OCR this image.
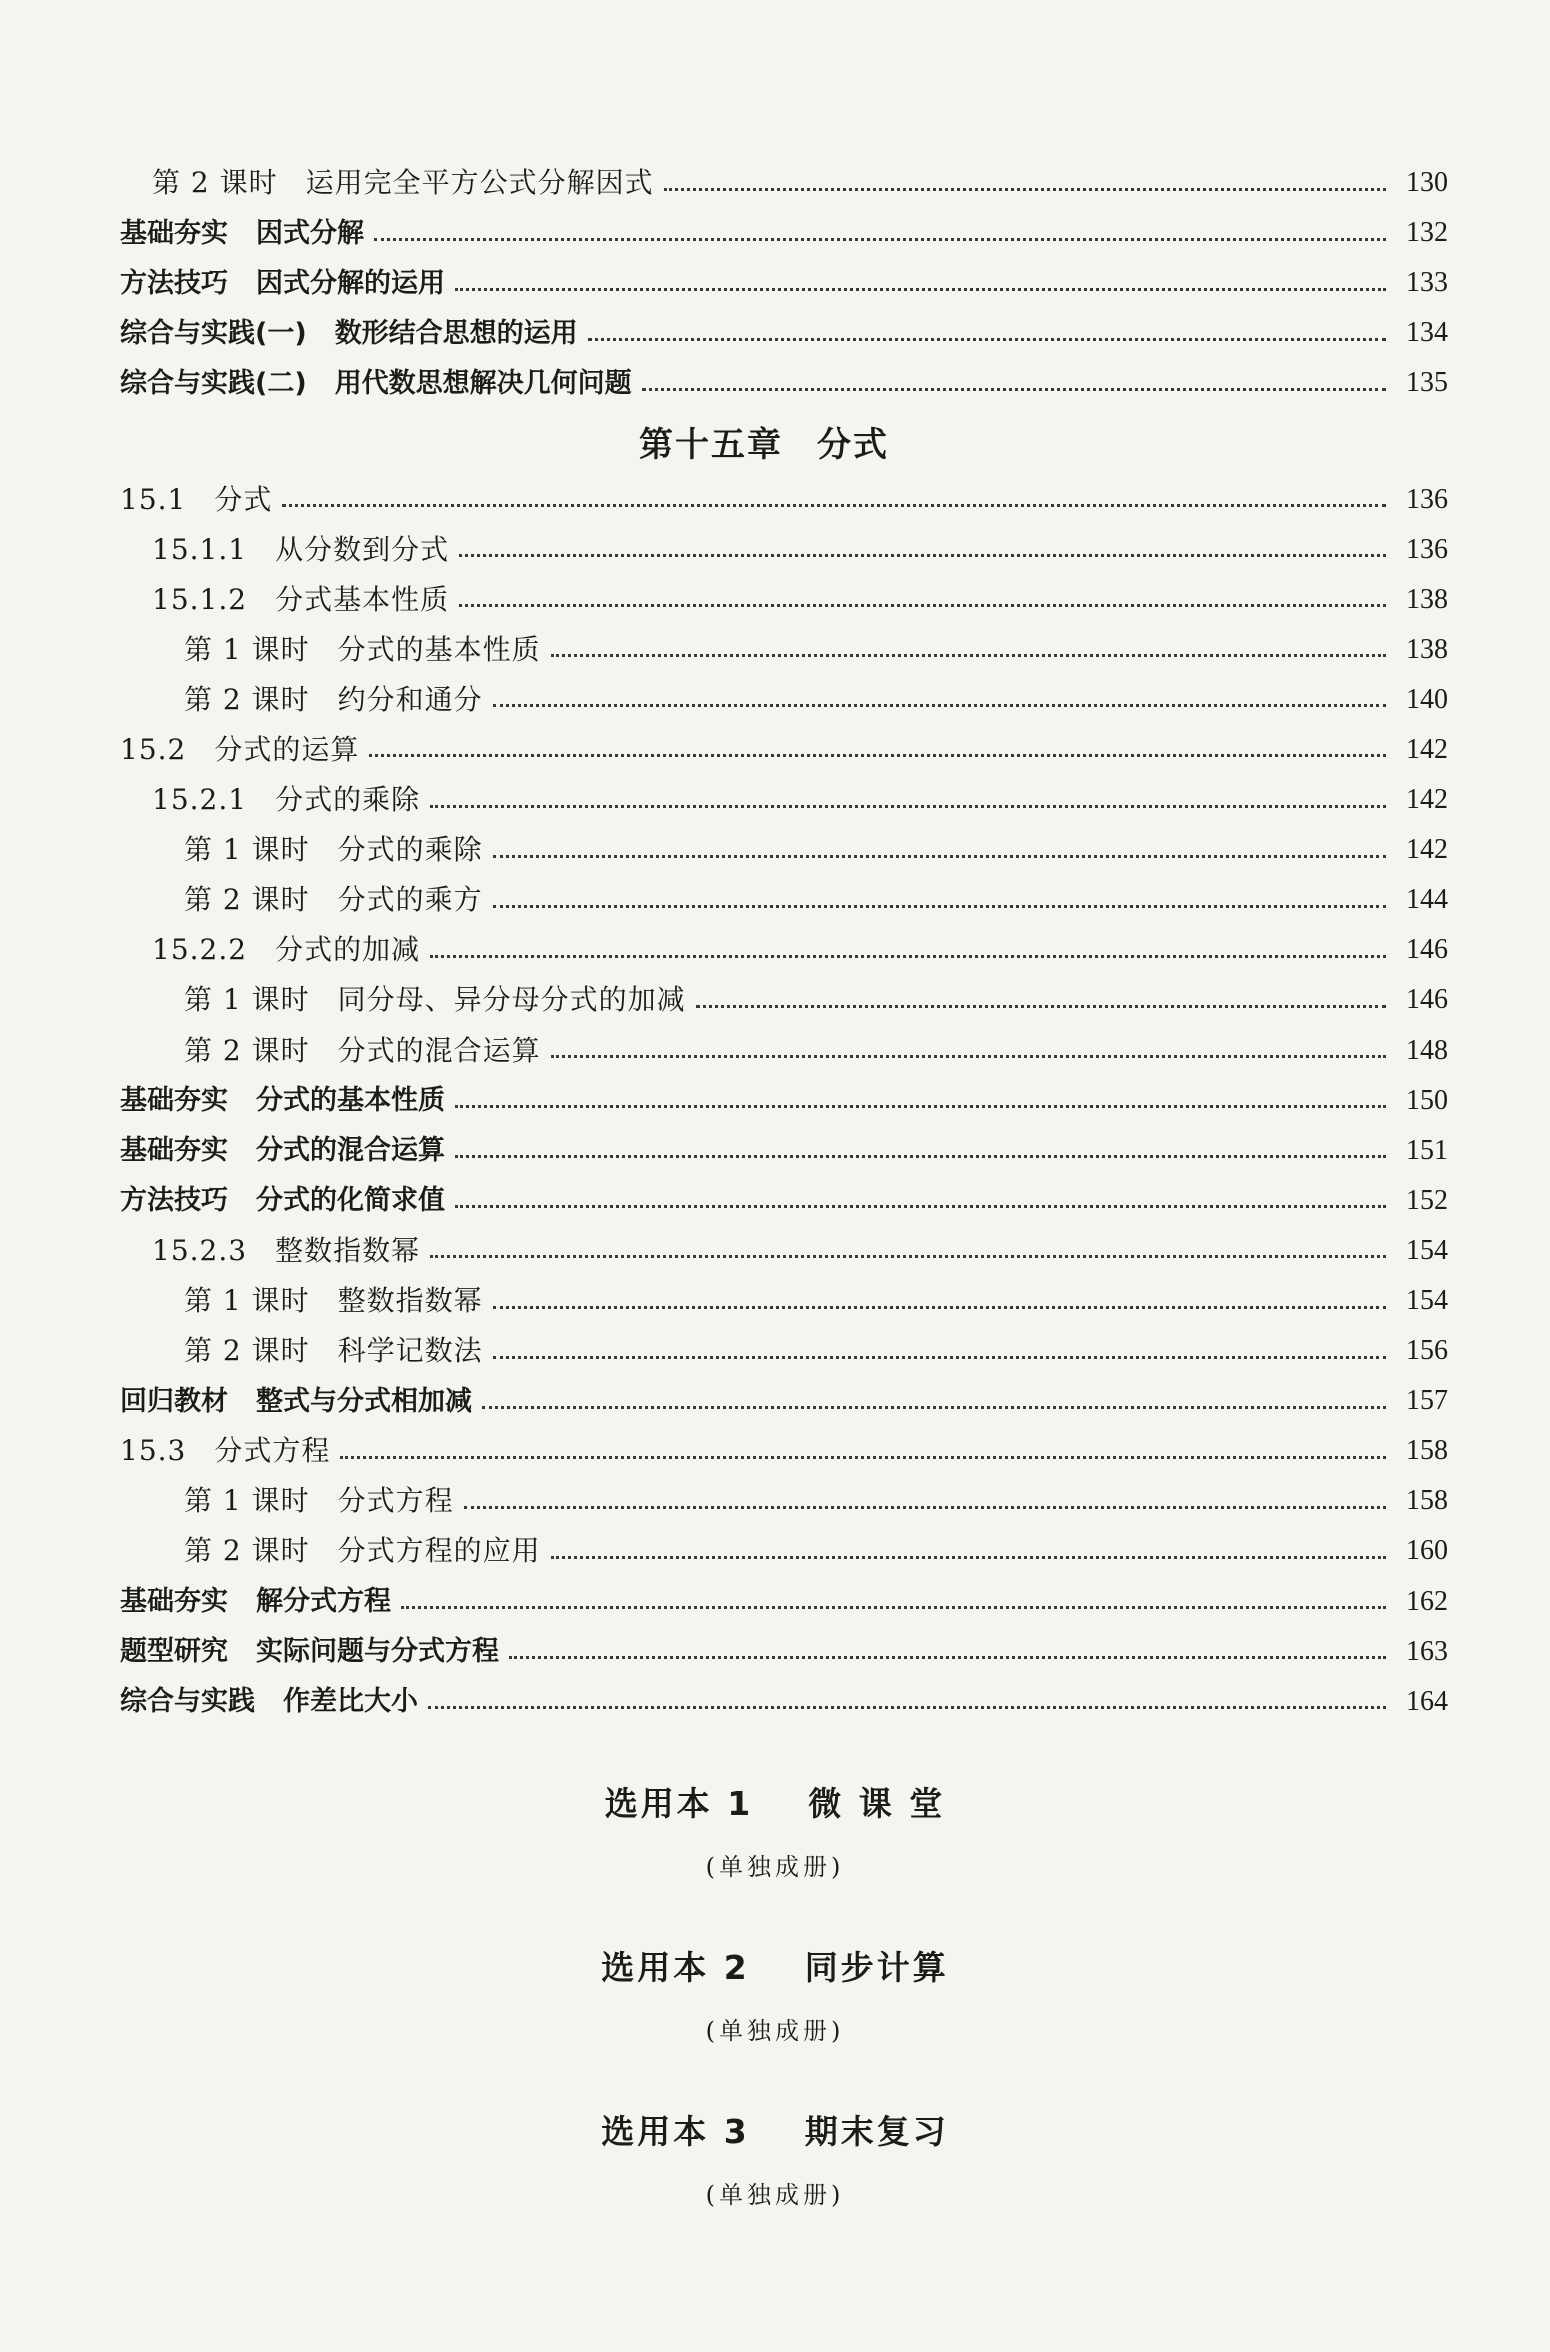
第 2 课时 运用完全平方公式分解因式	130
基础夯实 因式分解	132
方法技巧 因式分解的运用	133
综合与实践(一) 数形结合思想的运用	134
综合与实践(二) 用代数思想解决几何问题	135
第十五章 分式
15.1 分式	136
15.1.1 从分数到分式	136
15.1.2 分式基本性质	138
第 1 课时 分式的基本性质	138
第 2 课时 约分和通分	140
15.2 分式的运算	142
15.2.1 分式的乘除	142
第 1 课时 分式的乘除	142
第 2 课时 分式的乘方	144
15.2.2 分式的加减	146
第 1 课时 同分母、异分母分式的加减	146
第 2 课时 分式的混合运算	148
基础夯实 分式的基本性质	150
基础夯实 分式的混合运算	151
方法技巧 分式的化简求值	152
15.2.3 整数指数幂	154
第 1 课时 整数指数幂	154
第 2 课时 科学记数法	156
回归教材 整式与分式相加减	157
15.3 分式方程	158
第 1 课时 分式方程	158
第 2 课时 分式方程的应用	160
基础夯实 解分式方程	162
题型研究 实际问题与分式方程	163
综合与实践 作差比大小	164
选用本 1 微 课 堂
(单独成册)
选用本 2 同步计算
(单独成册)
选用本 3 期末复习
(单独成册)
